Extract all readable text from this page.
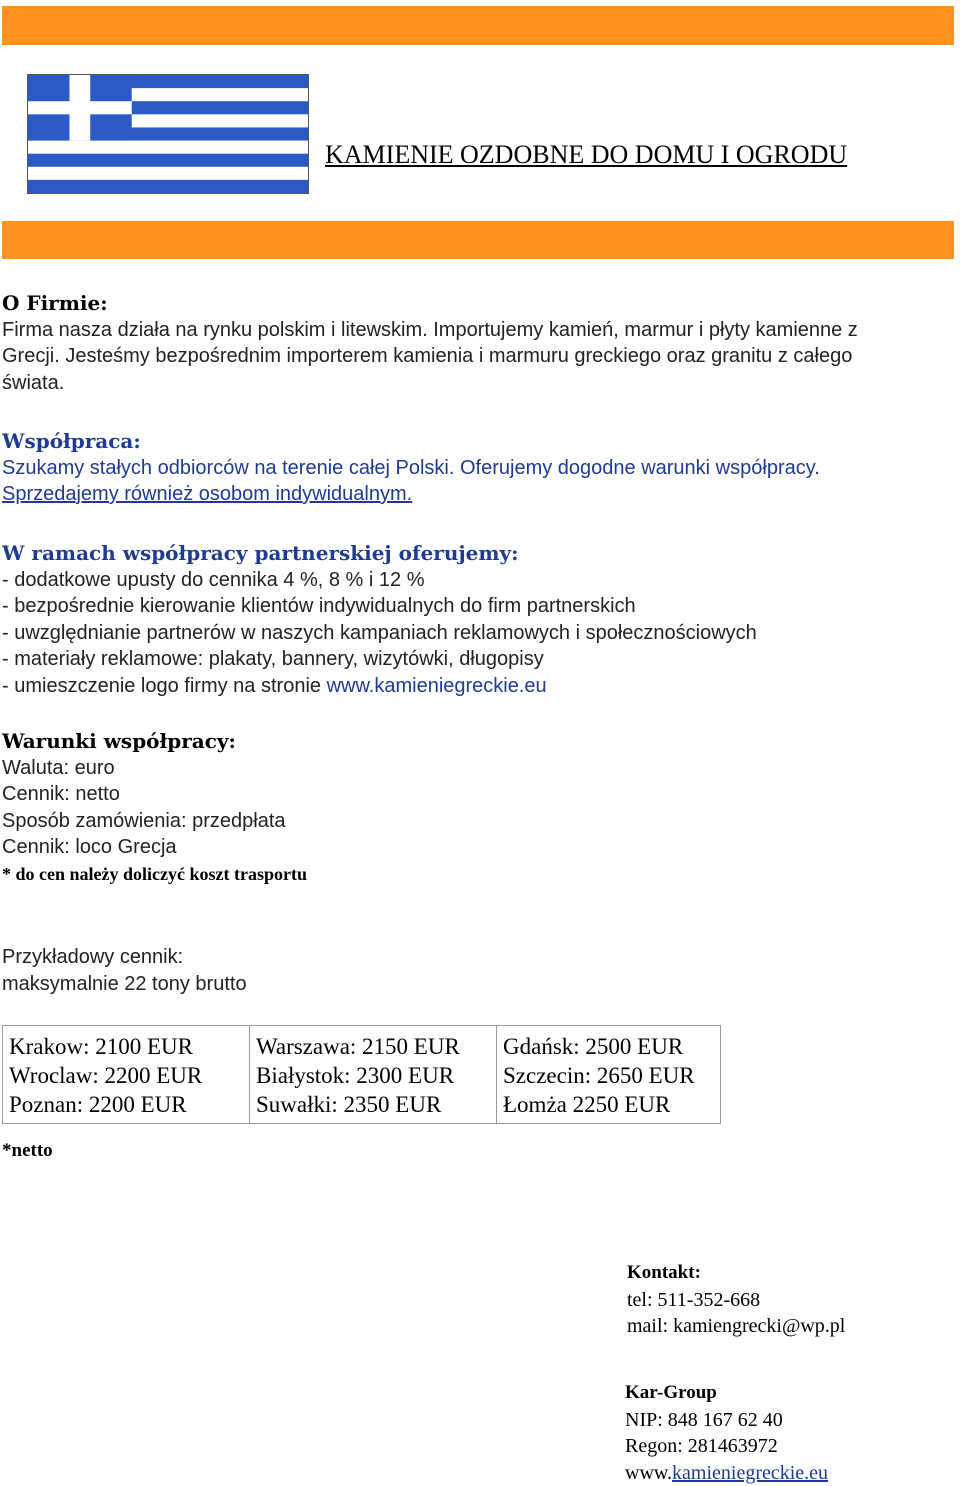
KAMIENIE OZDOBNE DO DOMU I OGRODU
O Firmie:
Firma nasza działa na rynku polskim i litewskim. Importujemy kamień, marmur i płyty kamienne z
Grecji. Jesteśmy bezpośrednim importerem kamienia i marmuru greckiego oraz granitu z całego
świata.
Współpraca:
Szukamy stałych odbiorców na terenie całej Polski. Oferujemy dogodne warunki współpracy.
Sprzedajemy również osobom indywidualnym.
W ramach współpracy partnerskiej oferujemy:
- dodatkowe upusty do cennika 4 %, 8 % i 12 %
- bezpośrednie kierowanie klientów indywidualnych do firm partnerskich
- uwzględnianie partnerów w naszych kampaniach reklamowych i społecznościowych
- materiały reklamowe: plakaty, bannery, wizytówki, długopisy
- umieszczenie logo firmy na stronie www.kamieniegreckie.eu
Warunki współpracy:
Waluta: euro
Cennik: netto
Sposób zamówienia: przedpłata
Cennik: loco Grecja
* do cen należy doliczyć koszt trasportu
Przykładowy cennik:
maksymalnie 22 tony brutto
Krakow: 2100 EUR
Wroclaw: 2200 EUR
Poznan: 2200 EUR

Warszawa: 2150 EUR
Białystok: 2300 EUR
Suwałki: 2350 EUR

Gdańsk: 2500 EUR
Szczecin: 2650 EUR
Łomża 2250 EUR
*netto
Kontakt:
tel: 511-352-668
mail: kamiengrecki@wp.pl
Kar-Group
NIP: 848 167 62 40
Regon: 281463972
www.kamieniegreckie.eu
